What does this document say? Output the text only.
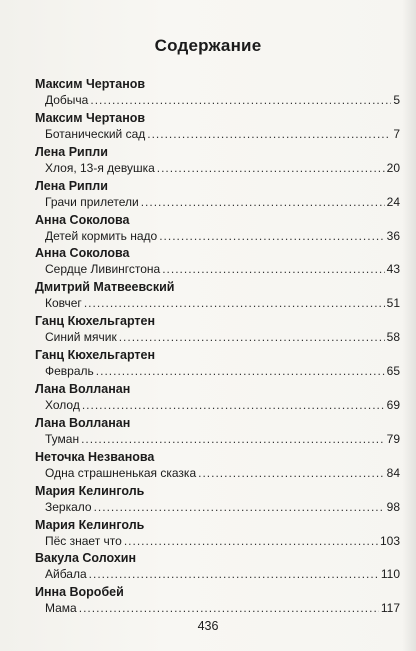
Содержание
Максим Чертанов
Добыча .....	5
Максим Чертанов
Ботанический сад .....	7
Лена Рипли
Хлоя, 13-я девушка .....	20
Лена Рипли
Грачи прилетели .....	24
Анна Соколова
Детей кормить надо .....	36
Анна Соколова
Сердце Ливингстона .....	43
Дмитрий Матвеевский
Ковчег .....	51
Ганц Кюхельгартен
Синий мячик .....	58
Ганц Кюхельгартен
Февраль .....	65
Лана Волланан
Холод .....	69
Лана Волланан
Туман .....	79
Неточка Незванова
Одна страшненькая сказка .....	84
Мария Келинголь
Зеркало .....	98
Мария Келинголь
Пёс знает что .....	103
Вакула Солохин
Айбала .....	110
Инна Воробей
Мама .....	117
436
